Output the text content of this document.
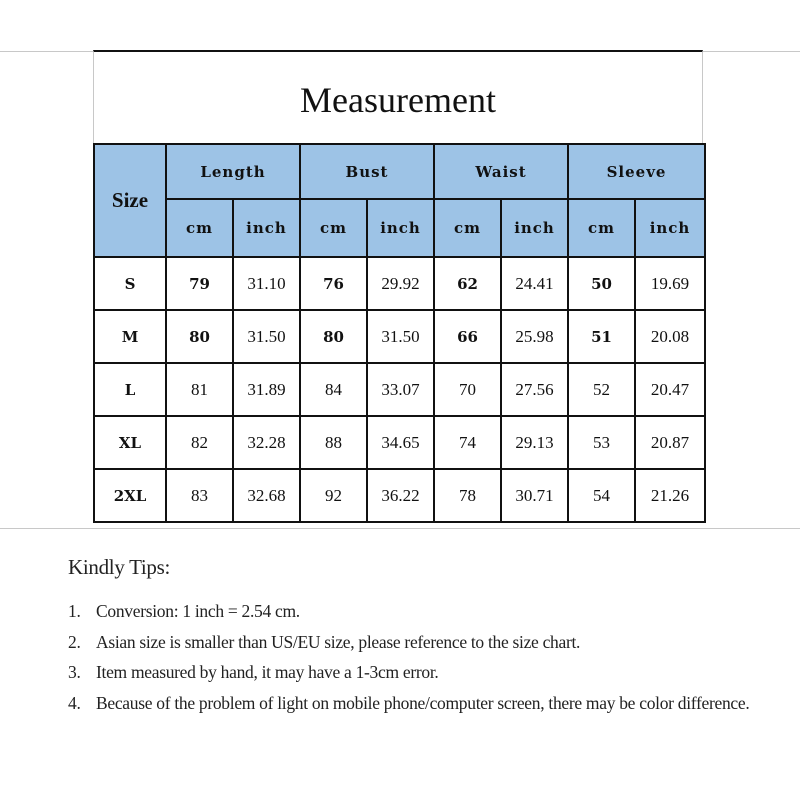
Measurement
Size	Length		Bust		Waist		Sleeve	
	cm	inch	cm	inch	cm	inch	cm	inch
S	79	31.10	76	29.92	62	24.41	50	19.69
M	80	31.50	80	31.50	66	25.98	51	20.08
L	81	31.89	84	33.07	70	27.56	52	20.47
XL	82	32.28	88	34.65	74	29.13	53	20.87
2XL	83	32.68	92	36.22	78	30.71	54	21.26
Kindly Tips:
1. Conversion: 1 inch = 2.54 cm.
2. Asian size is smaller than US/EU size, please reference to the size chart.
3. Item measured by hand, it may have a 1-3cm error.
4. Because of the problem of light on mobile phone/computer screen, there may be color difference.
